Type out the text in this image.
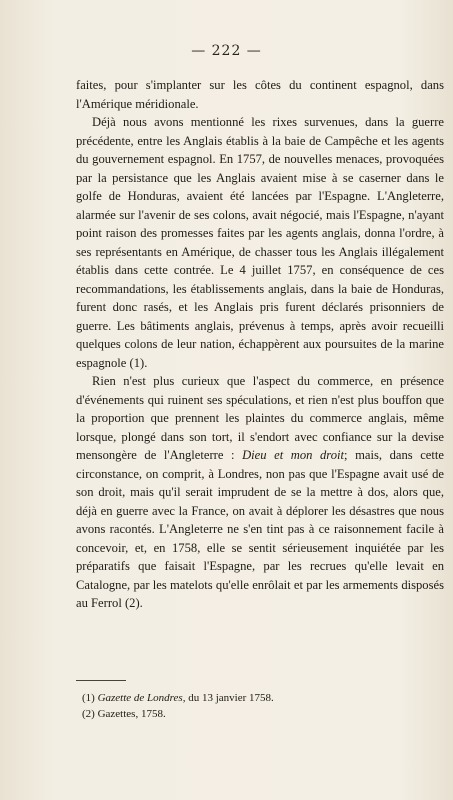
— 222 —

faites, pour s'implanter sur les côtes du continent espagnol, dans l'Amérique méridionale.

Déjà nous avons mentionné les rixes survenues, dans la guerre précédente, entre les Anglais établis à la baie de Campêche et les agents du gouvernement espagnol. En 1757, de nouvelles menaces, provoquées par la persistance que les Anglais avaient mise à se caserner dans le golfe de Honduras, avaient été lancées par l'Espagne. L'Angleterre, alarmée sur l'avenir de ses colons, avait négocié, mais l'Espagne, n'ayant point raison des promesses faites par les agents anglais, donna l'ordre, à ses représentants en Amérique, de chasser tous les Anglais illégalement établis dans cette contrée. Le 4 juillet 1757, en conséquence de ces recommandations, les établissements anglais, dans la baie de Honduras, furent donc rasés, et les Anglais pris furent déclarés prisonniers de guerre. Les bâtiments anglais, prévenus à temps, après avoir recueilli quelques colons de leur nation, échappèrent aux poursuites de la marine espagnole (1).

Rien n'est plus curieux que l'aspect du commerce, en présence d'événements qui ruinent ses spéculations, et rien n'est plus bouffon que la proportion que prennent les plaintes du commerce anglais, même lorsque, plongé dans son tort, il s'endort avec confiance sur la devise mensongère de l'Angleterre : Dieu et mon droit; mais, dans cette circonstance, on comprit, à Londres, non pas que l'Espagne avait usé de son droit, mais qu'il serait imprudent de se la mettre à dos, alors que, déjà en guerre avec la France, on avait à déplorer les désastres que nous avons racontés. L'Angleterre ne s'en tint pas à ce raisonnement facile à concevoir, et, en 1758, elle se sentit sérieusement inquiétée par les préparatifs que faisait l'Espagne, par les recrues qu'elle levait en Catalogne, par les matelots qu'elle enrôlait et par les armements disposés au Ferrol (2).

(1) Gazette de Londres, du 13 janvier 1758.
(2) Gazettes, 1758.
